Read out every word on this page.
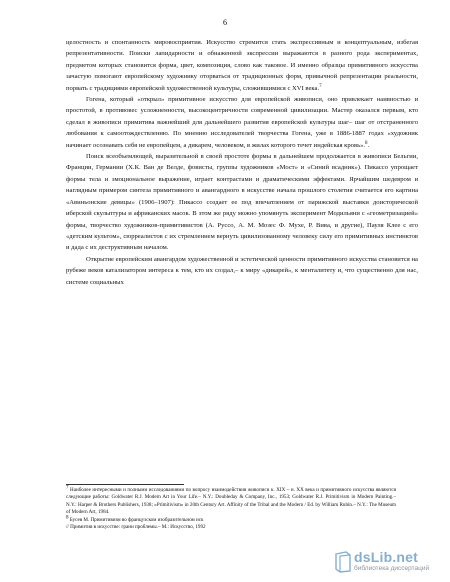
6

целостность и спонтанность мировосприятия. Искусство стремится стать экспрессивным и концептуальным, избегая репрезентативности. Поиски лапидарности и обнаженной экспрессии выражаются в разного рода экспериментах, предметом которых становится форма, цвет, композиция, слово как таковое. И именно образцы примитивного искусства зачастую помогают европейскому художнику оторваться от традиционных форм, привычной репрезентации реальности, порвать с традициями европейской художественной культуры, сложившимися с XVI века.$^7$

Гогена, который «открыл» примитивное искусство для европейской живописи, оно привлекает наивностью и простотой, в противовес усложненности, высокоцентричности современной цивилизации. Мастер оказался первым, кто сделал в живописи примитива важнейший для дальнейшего развития европейской культуры шаг– шаг от отстраненного любования к самоотождествлению. По мнению исследователей творчества Гогена, уже в 1886-1887 годах «художник начинает осознавать себя не европейцем, а дикарем, человеком, в жилах которого течет индейская кровь».$^8$.

Поиск всеобъемлющей, выразительной в своей простоте формы в дальнейшем продолжается в живописи Бельгии, Франции, Германии (Х.К. Ван де Велде, фовисты, группы художников «Мост» и «Синий всадник»). Пикассо упрощает формы тела и эмоциональное выражение, играет контрастами и драматическими эффектами. Ярчайшим шедевром и наглядным примером синтеза примитивного и авангардного в искусстве начала прошлого столетия считается его картина «Авиньонские девицы» (1906–1907): Пикассо создает ее под впечатлением от парижской выставки доисторической иберской скульптуры и африканских масок. В этом же ряду можно упомянуть эксперимент Модильяни с «геометризацией» формы, творчество художников-примитивистов (А. Руссо, А. М. Мозес Ф. Мухе, Р. Вива, и другие), Пауля Клее с его «детским культом», сюрреалистов с их стремлением вернуть цивилизованному человеку силу его примитивных инстинктов и дада с их деструктивным началом.

Открытие европейским авангардом художественной и эстетической ценности примитивного искусства становится на рубеже веков катализатором интереса к тем, кто их создал,– к миру «дикарей», к менталитету и, что существенно для нас, системе социальных

$^7$ Наиболее интересными и полными исследованиями по вопросу взаимодействия живописи к. XIX – н. XX века и примитивного искусства являются следующие работы: Goldwater R.J. Modern Art in Your Life.– N.Y.: Doubleday & Company, Inc., 1953; Goldwater R.J. Primitivism in Modern Painting.– N.Y.: Harper & Brothers Publishers, 1938; «Primitivism» in 20th Century Art. Affinity of the Tribal and the Modern / Ed. by William Rubin.– N.Y.: The Museum of Modern Art, 1984.

$^8$ Бусев М. Примитивизм во французском изобразительном иск

// Примитив в искусстве: грани проблемы.– М.: Искусство, 1992

dsLib.net
библиотека диссертаций
